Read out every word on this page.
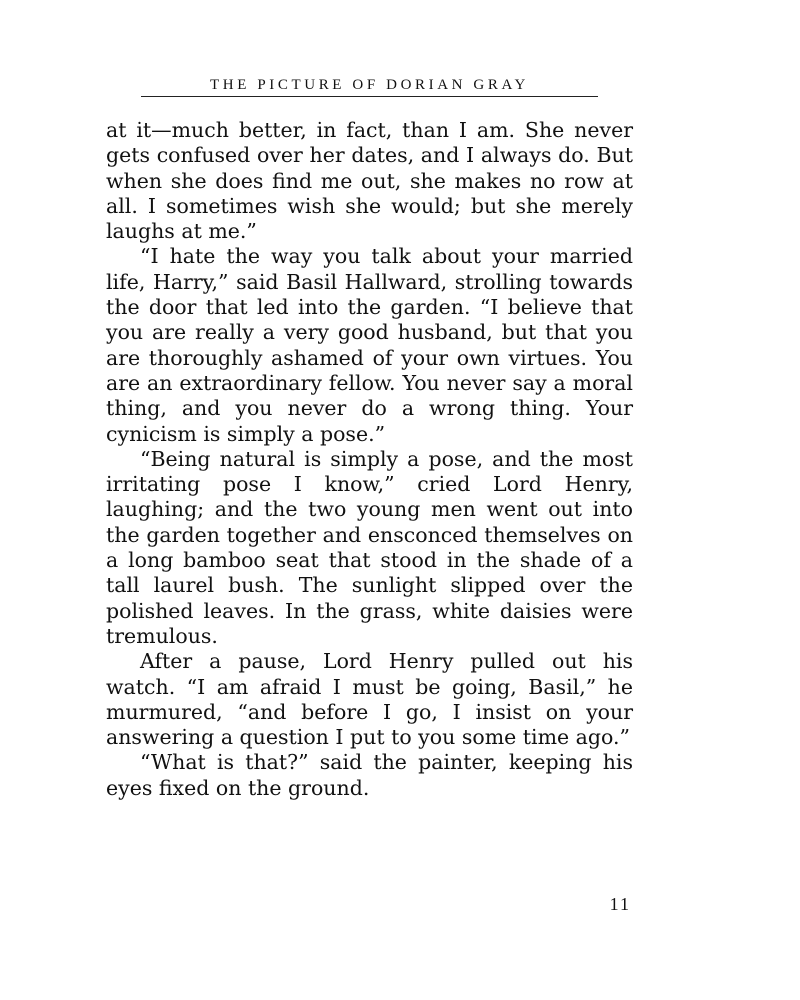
THE PICTURE OF DORIAN GRAY

at it—much better, in fact, than I am. She never gets confused over her dates, and I always do. But when she does find me out, she makes no row at all. I sometimes wish she would; but she merely laughs at me.”

“I hate the way you talk about your married life, Harry,” said Basil Hallward, strolling towards the door that led into the garden. “I believe that you are really a very good husband, but that you are thoroughly ashamed of your own virtues. You are an extraordinary fellow. You never say a moral thing, and you never do a wrong thing. Your cynicism is simply a pose.”

“Being natural is simply a pose, and the most irritating pose I know,” cried Lord Henry, laughing; and the two young men went out into the garden together and ensconced themselves on a long bamboo seat that stood in the shade of a tall laurel bush. The sunlight slipped over the polished leaves. In the grass, white daisies were tremulous.

After a pause, Lord Henry pulled out his watch. “I am afraid I must be going, Basil,” he murmured, “and before I go, I insist on your answering a question I put to you some time ago.”

“What is that?” said the painter, keeping his eyes fixed on the ground.

11
